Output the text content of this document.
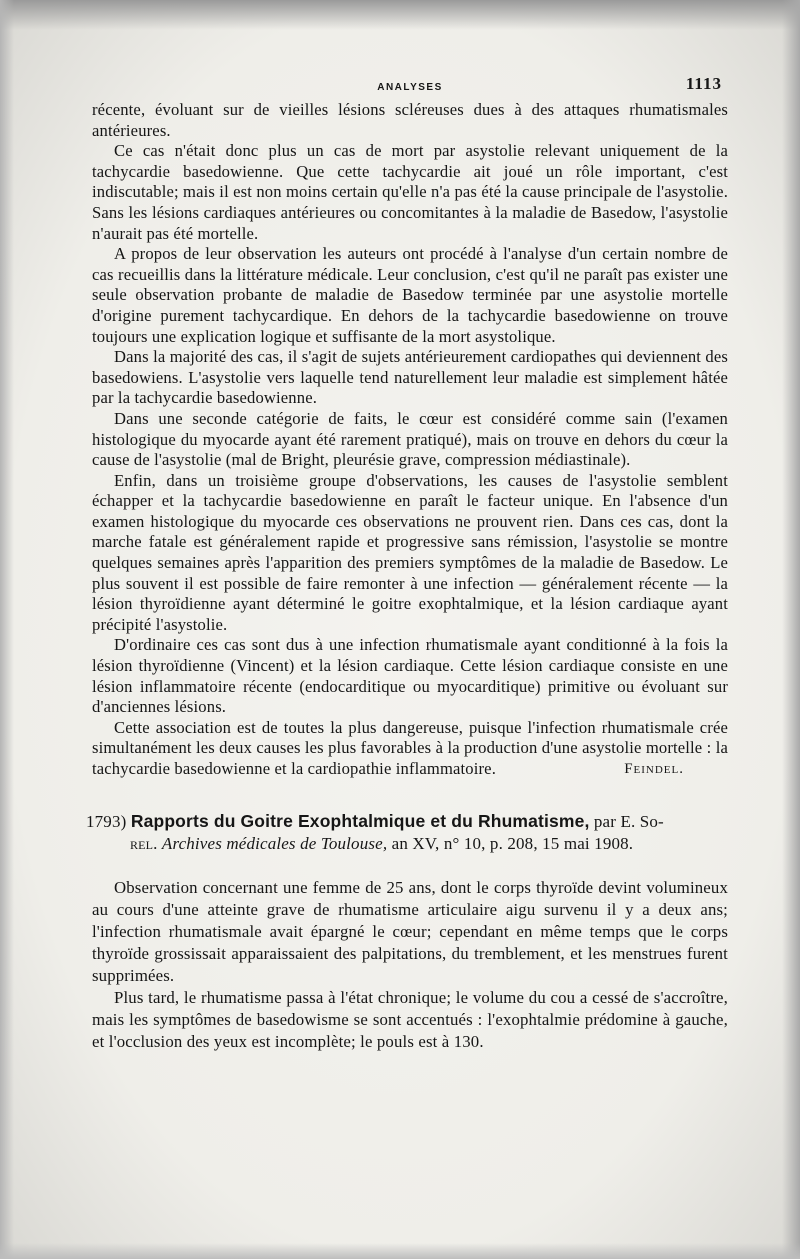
ANALYSES	1113

récente, évoluant sur de vieilles lésions scléreuses dues à des attaques rhumatismales antérieures.

Ce cas n'était donc plus un cas de mort par asystolie relevant uniquement de la tachycardie basedowienne. Que cette tachycardie ait joué un rôle important, c'est indiscutable; mais il est non moins certain qu'elle n'a pas été la cause principale de l'asystolie. Sans les lésions cardiaques antérieures ou concomitantes à la maladie de Basedow, l'asystolie n'aurait pas été mortelle.

A propos de leur observation les auteurs ont procédé à l'analyse d'un certain nombre de cas recueillis dans la littérature médicale. Leur conclusion, c'est qu'il ne paraît pas exister une seule observation probante de maladie de Basedow terminée par une asystolie mortelle d'origine purement tachycardique. En dehors de la tachycardie basedowienne on trouve toujours une explication logique et suffisante de la mort asystolique.

Dans la majorité des cas, il s'agit de sujets antérieurement cardiopathes qui deviennent des basedowiens. L'asystolie vers laquelle tend naturellement leur maladie est simplement hâtée par la tachycardie basedowienne.

Dans une seconde catégorie de faits, le cœur est considéré comme sain (l'examen histologique du myocarde ayant été rarement pratiqué), mais on trouve en dehors du cœur la cause de l'asystolie (mal de Bright, pleurésie grave, compression médiastinale).

Enfin, dans un troisième groupe d'observations, les causes de l'asystolie semblent échapper et la tachycardie basedowienne en paraît le facteur unique. En l'absence d'un examen histologique du myocarde ces observations ne prouvent rien. Dans ces cas, dont la marche fatale est généralement rapide et progressive sans rémission, l'asystolie se montre quelques semaines après l'apparition des premiers symptômes de la maladie de Basedow. Le plus souvent il est possible de faire remonter à une infection — généralement récente — la lésion thyroïdienne ayant déterminé le goitre exophtalmique, et la lésion cardiaque ayant précipité l'asystolie.

D'ordinaire ces cas sont dus à une infection rhumatismale ayant conditionné à la fois la lésion thyroïdienne (Vincent) et la lésion cardiaque. Cette lésion cardiaque consiste en une lésion inflammatoire récente (endocarditique ou myocarditique) primitive ou évoluant sur d'anciennes lésions.

Cette association est de toutes la plus dangereuse, puisque l'infection rhumatismale crée simultanément les deux causes les plus favorables à la production d'une asystolie mortelle : la tachycardie basedowienne et la cardiopathie inflammatoire.	Feindel.

1793) Rapports du Goitre Exophtalmique et du Rhumatisme, par E. So-
rel. Archives médicales de Toulouse, an XV, n° 10, p. 208, 15 mai 1908.

Observation concernant une femme de 25 ans, dont le corps thyroïde devint volumineux au cours d'une atteinte grave de rhumatisme articulaire aigu survenu il y a deux ans; l'infection rhumatismale avait épargné le cœur; cependant en même temps que le corps thyroïde grossissait apparaissaient des palpitations, du tremblement, et les menstrues furent supprimées.

Plus tard, le rhumatisme passa à l'état chronique; le volume du cou a cessé de s'accroître, mais les symptômes de basedowisme se sont accentués : l'exophtalmie prédomine à gauche, et l'occlusion des yeux est incomplète; le pouls est à 130.
